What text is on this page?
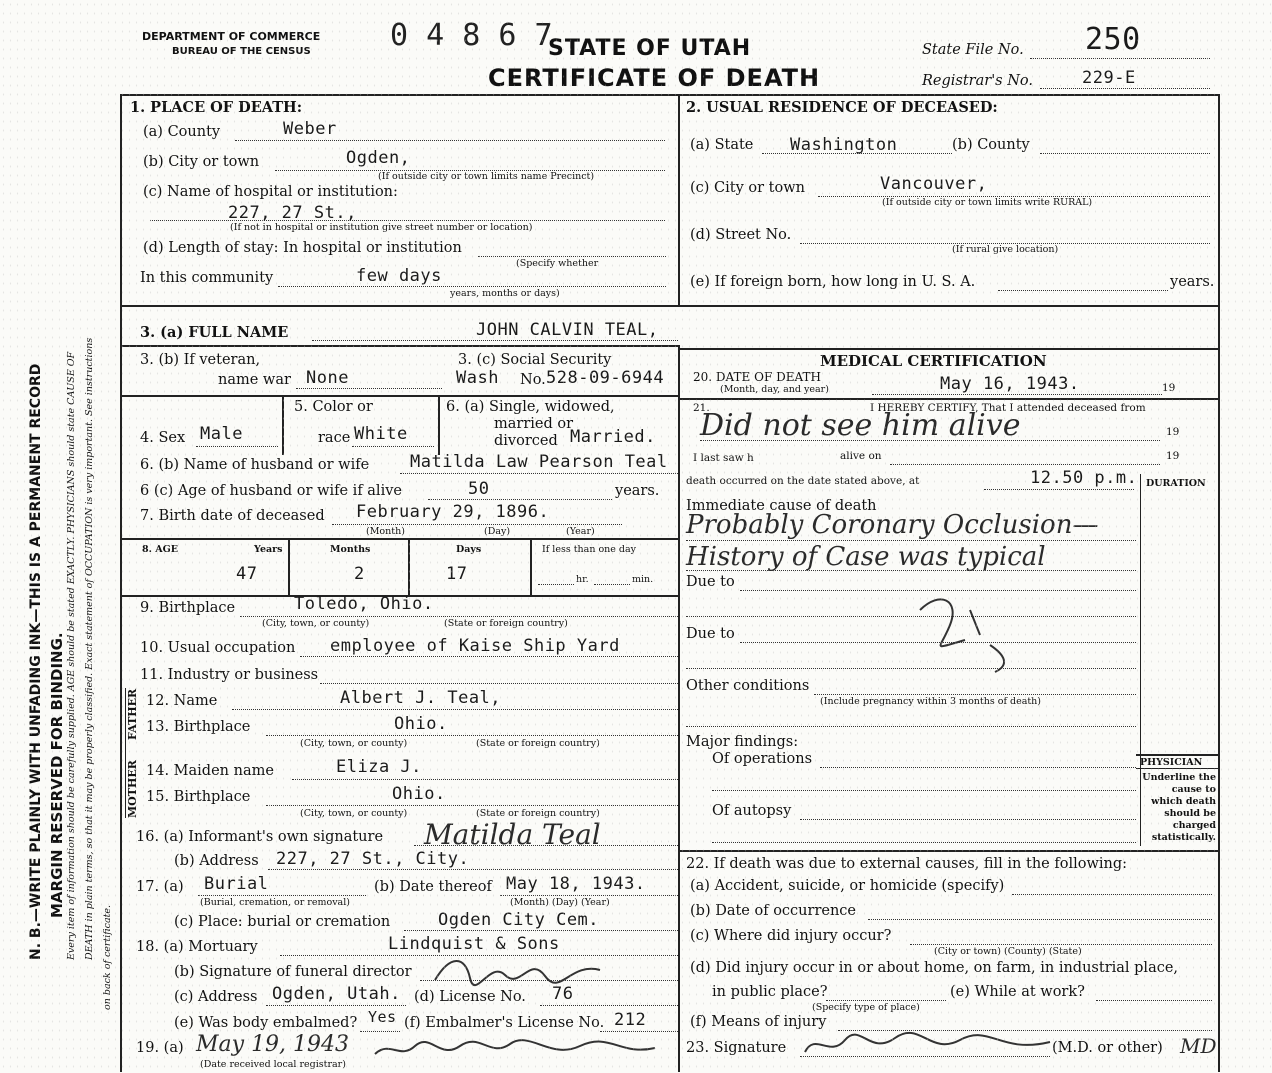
MARGIN RESERVED FOR BINDING.
N. B.—WRITE PLAINLY WITH UNFADING INK—THIS IS A PERMANENT RECORD Every item of information should be carefully supplied. AGE should be stated EXACTLY. PHYSICIANS should state CAUSE OF DEATH in plain terms, so that it may be properly classified. Exact statement of OCCUPATION is very important. See instructions on back of certificate.
DEPARTMENT OF COMMERCE
BUREAU OF THE CENSUS	0 4 8 6 7
STATE OF UTAH
CERTIFICATE OF DEATH
State File No. 250
Registrar's No.	229-E
1. PLACE OF DEATH:
(a) County	Weber
(b) City or town	Ogden,
(If outside city or town limits name Precinct)
(c) Name of hospital or institution:
227, 27 St.,
(If not in hospital or institution give street number or location)
(d) Length of stay: In hospital or institution
(Specify whether
In this community	few days
years, months or days)
2. USUAL RESIDENCE OF DECEASED:
(a) State Washington	(b) County
(c) City or town	Vancouver,
(If outside city or town limits write RURAL)
(d) Street No.
(If rural give location)
(e) If foreign born, how long in U. S. A.	years.
3. (a) FULL NAME	JOHN CALVIN TEAL,
3. (b) If veteran,
name war None
3. (c) Social Security
Wash No. 528-09-6944
MEDICAL CERTIFICATION
20. DATE OF DEATH
(Month, day, and year)	May 16, 1943.	19
4. Sex Male
5. Color or
race White
6. (a) Single, widowed,
married or
divorced Married.
21.	I HEREBY CERTIFY, That I attended deceased from
Did not see him alive	19
I last saw h	alive on	19
death occurred on the date stated above, at	12.50 p.m. DURATION
6. (b) Name of husband or wife Matilda Law Pearson Teal
6 (c) Age of husband or wife if alive	50	years.
7. Birth date of deceased February 29, 1896.
(Month)	(Day)	(Year)
8. AGE	Years	Months	Days	If less than one day
47	2	17	hr.	min.
Immediate cause of death
Probably Coronary Occlusion—
History of Case was typical
Due to
Due to
Other conditions
(Include pregnancy within 3 months of death)
Major findings:
Of operations
Of autopsy
PHYSICIAN
Underline the cause to which death should be charged statistically.
9. Birthplace	Toledo, Ohio.
(City, town, or county)	(State or foreign country)
10. Usual occupation employee of Kaise Ship Yard
11. Industry or business
FATHER
MOTHER
12. Name	Albert J. Teal,
13. Birthplace	Ohio.
(City, town, or county)	(State or foreign country)
14. Maiden name	Eliza J.
15. Birthplace	Ohio.
(City, town, or county)	(State or foreign country)
16. (a) Informant's own signature Matilda Teal
(b) Address 227, 27 St., City.
17. (a) Burial
(Burial, cremation, or removal)
(b) Date thereof May 18, 1943.
(Month) (Day) (Year)
(c) Place: burial or cremation	Ogden City Cem.
18. (a) Mortuary	Lindquist & Sons
(b) Signature of funeral director
(c) Address Ogden, Utah. (d) License No. 76
(e) Was body embalmed? Yes (f) Embalmer's License No. 212
19. (a) May 19, 1943
(Date received local registrar)
22. If death was due to external causes, fill in the following:
(a) Accident, suicide, or homicide (specify)
(b) Date of occurrence
(c) Where did injury occur?
(City or town) (County) (State)
(d) Did injury occur in or about home, on farm, in industrial place,
in public place?
(Specify type of place)
(e) While at work?
(f) Means of injury
23. Signature	(M.D. or other) MD
